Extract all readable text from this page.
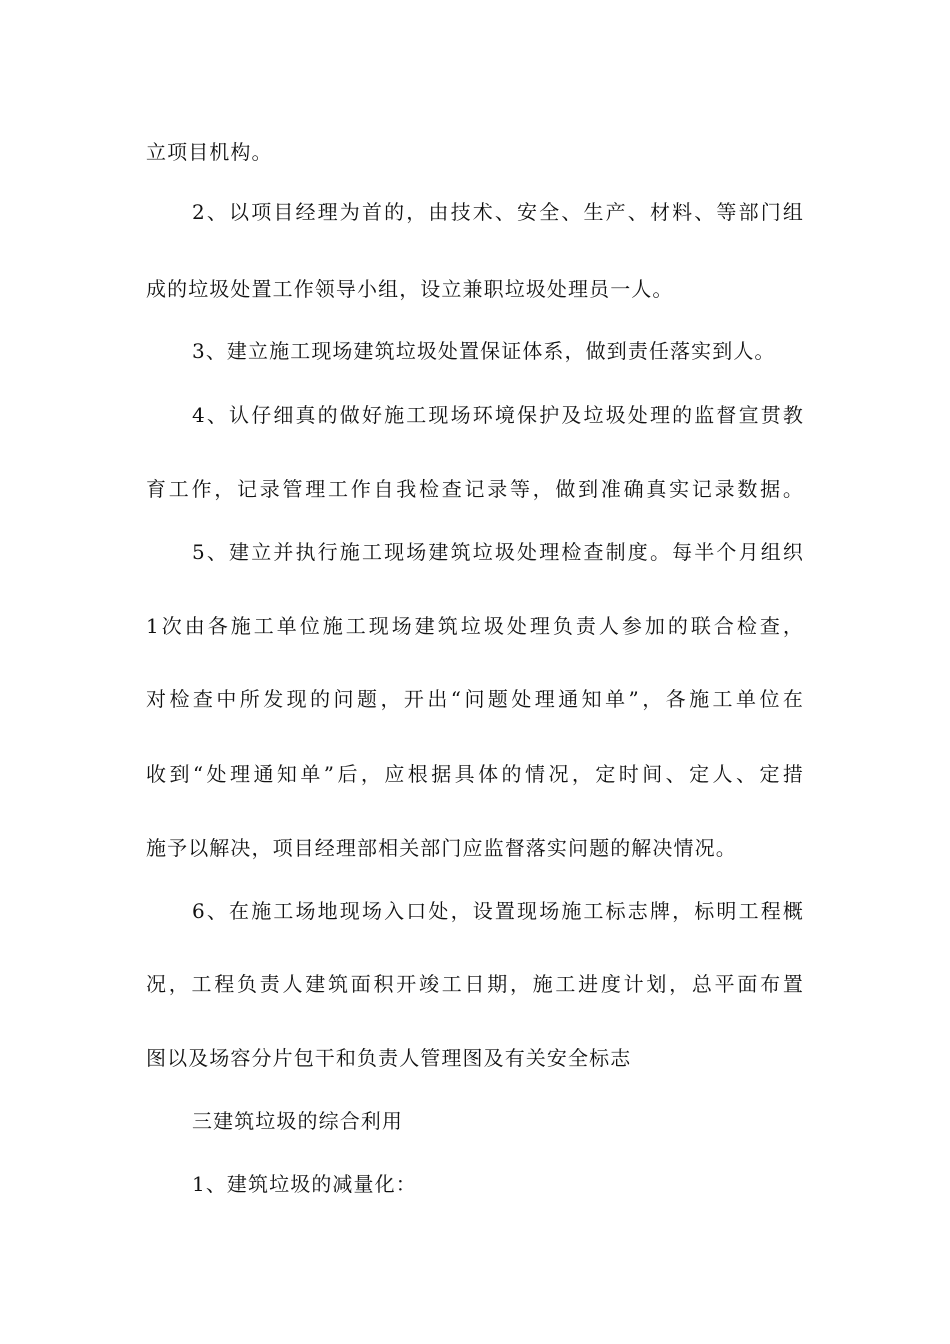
立项目机构。
2、以项目经理为首的，由技术、安全、生产、材料、等部门组
成的垃圾处置工作领导小组，设立兼职垃圾处理员一人。
3、建立施工现场建筑垃圾处置保证体系，做到责任落实到人。
4、认仔细真的做好施工现场环境保护及垃圾处理的监督宣贯教
育工作，记录管理工作自我检查记录等，做到准确真实记录数据。
5、建立并执行施工现场建筑垃圾处理检查制度。每半个月组织
1次由各施工单位施工现场建筑垃圾处理负责人参加的联合检查，
对检查中所发现的问题，开出“问题处理通知单”，各施工单位在
收到“处理通知单”后，应根据具体的情况，定时间、定人、定措
施予以解决，项目经理部相关部门应监督落实问题的解决情况。
6、在施工场地现场入口处，设置现场施工标志牌，标明工程概
况，工程负责人建筑面积开竣工日期，施工进度计划，总平面布置
图以及场容分片包干和负责人管理图及有关安全标志
三建筑垃圾的综合利用
1、建筑垃圾的减量化：
